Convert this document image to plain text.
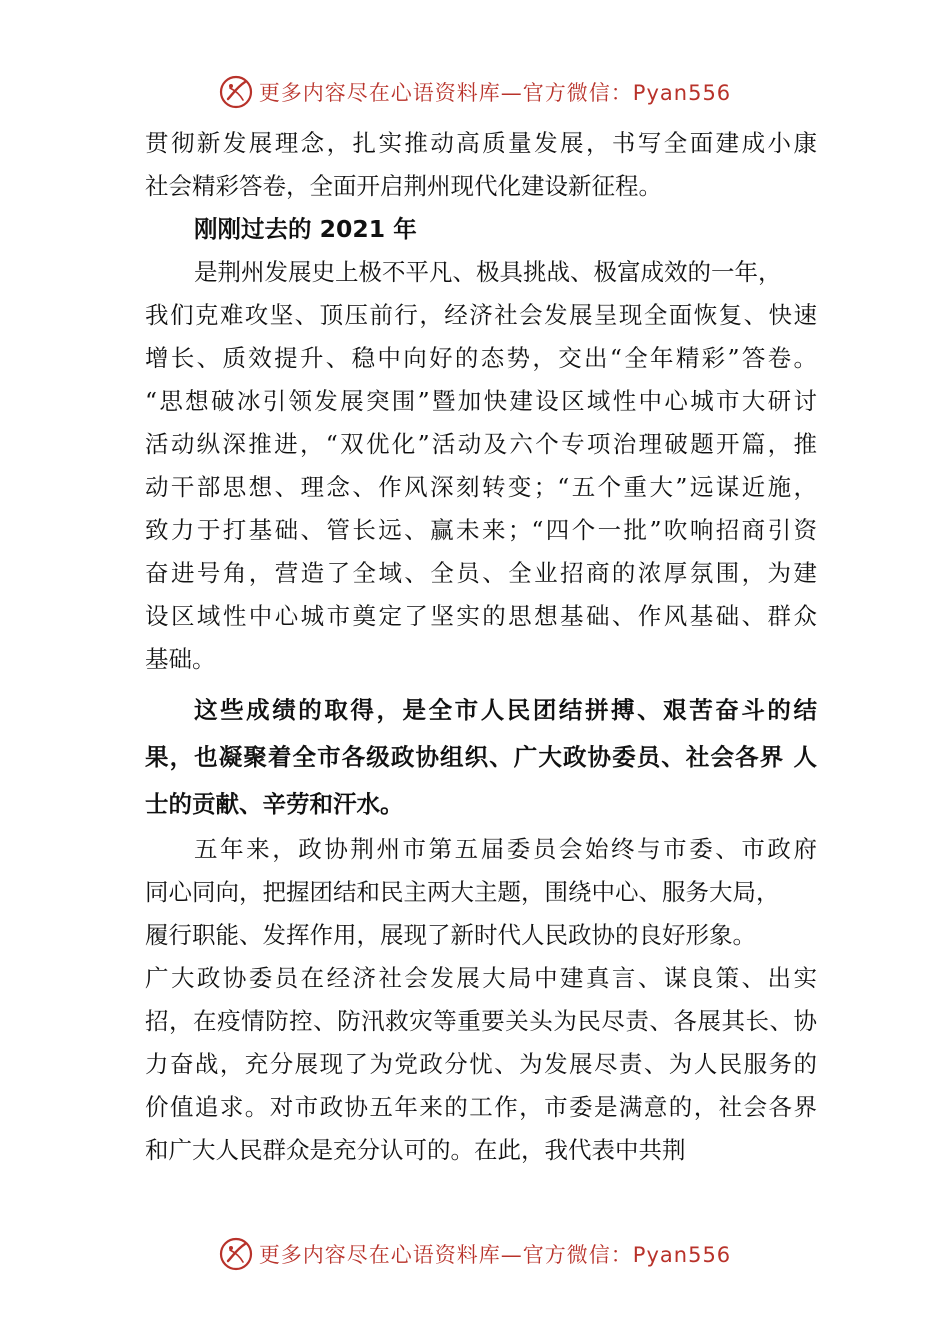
更多内容尽在心语资料库—官方微信：Pyan556
贯彻新发展理念，扎实推动高质量发展，书写全面建成小康
社会精彩答卷，全面开启荆州现代化建设新征程。
刚刚过去的 2021 年
是荆州发展史上极不平凡、极具挑战、极富成效的一年，
我们克难攻坚、顶压前行，经济社会发展呈现全面恢复、快速
增长、质效提升、稳中向好的态势，交出“全年精彩”答卷。
“思想破冰引领发展突围”暨加快建设区域性中心城市大研讨
活动纵深推进，“双优化”活动及六个专项治理破题开篇，推
动干部思想、理念、作风深刻转变；“五个重大”远谋近施，
致力于打基础、管长远、赢未来；“四个一批”吹响招商引资
奋进号角，营造了全域、全员、全业招商的浓厚氛围，为建
设区域性中心城市奠定了坚实的思想基础、作风基础、群众
基础。
这些成绩的取得，是全市人民团结拼搏、艰苦奋斗的结
果，也凝聚着全市各级政协组织、广大政协委员、社会各界 人
士的贡献、辛劳和汗水。
五年来，政协荆州市第五届委员会始终与市委、市政府
同心同向，把握团结和民主两大主题，围绕中心、服务大局，
履行职能、发挥作用，展现了新时代人民政协的良好形象。
广大政协委员在经济社会发展大局中建真言、谋良策、出实
招，在疫情防控、防汛救灾等重要关头为民尽责、各展其长、协
力奋战，充分展现了为党政分忧、为发展尽责、为人民服务的
价值追求。对市政协五年来的工作，市委是满意的，社会各界
和广大人民群众是充分认可的。在此，我代表中共荆
更多内容尽在心语资料库—官方微信：Pyan556
